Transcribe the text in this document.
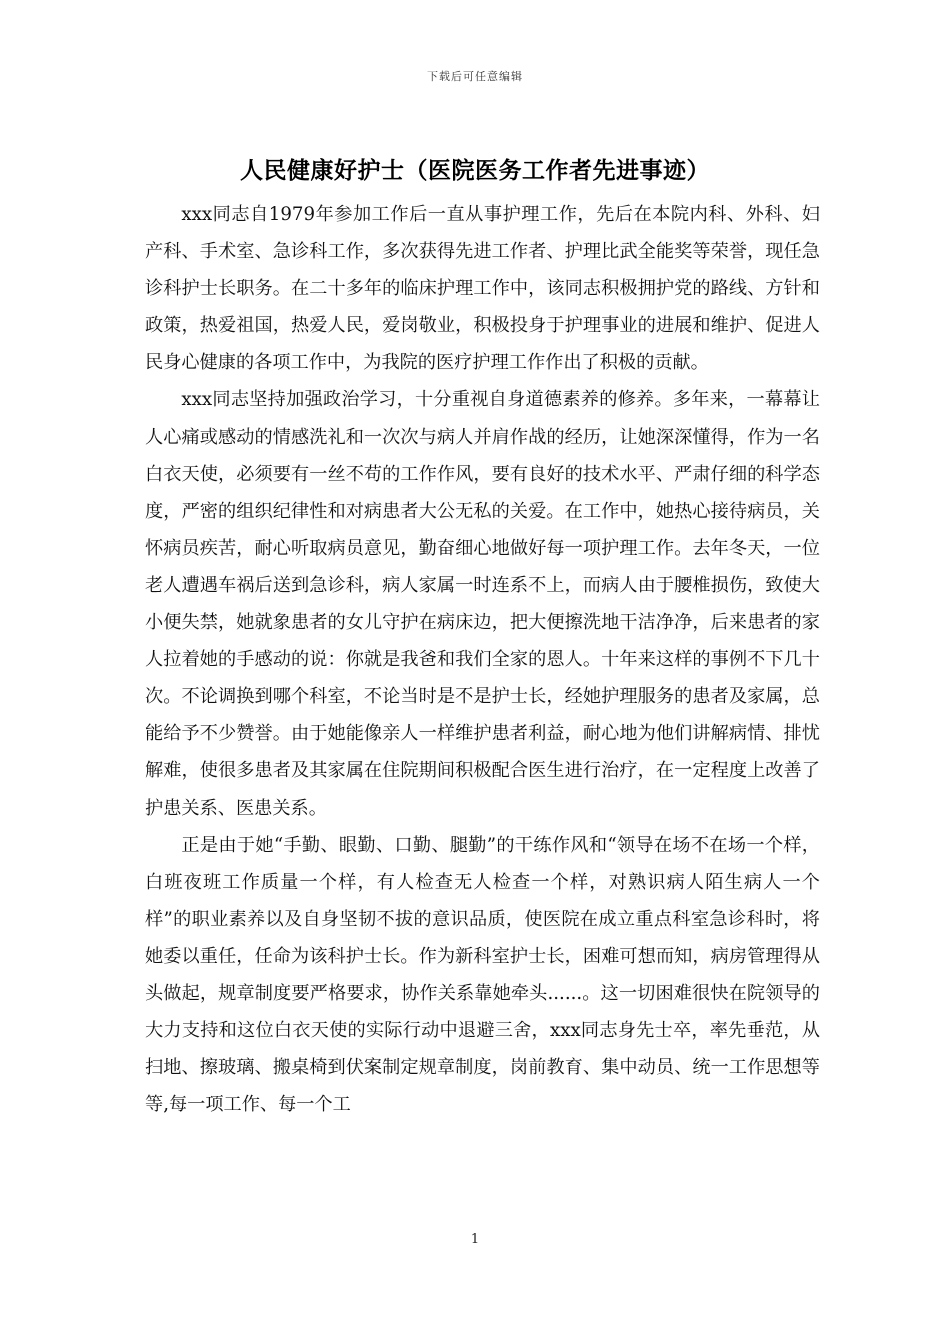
下载后可任意编辑
人民健康好护士（医院医务工作者先进事迹）

xxx同志自1979年参加工作后一直从事护理工作，先后在本院内科、外科、妇产科、手术室、急诊科工作，多次获得先进工作者、护理比武全能奖等荣誉，现任急诊科护士长职务。在二十多年的临床护理工作中，该同志积极拥护党的路线、方针和政策，热爱祖国，热爱人民，爱岗敬业，积极投身于护理事业的进展和维护、促进人民身心健康的各项工作中，为我院的医疗护理工作作出了积极的贡献。

xxx同志坚持加强政治学习，十分重视自身道德素养的修养。多年来，一幕幕让人心痛或感动的情感洗礼和一次次与病人并肩作战的经历，让她深深懂得，作为一名白衣天使，必须要有一丝不苟的工作作风，要有良好的技术水平、严肃仔细的科学态度，严密的组织纪律性和对病患者大公无私的关爱。在工作中，她热心接待病员，关怀病员疾苦，耐心听取病员意见，勤奋细心地做好每一项护理工作。去年冬天，一位老人遭遇车祸后送到急诊科，病人家属一时连系不上，而病人由于腰椎损伤，致使大小便失禁，她就象患者的女儿守护在病床边，把大便擦洗地干洁净净，后来患者的家人拉着她的手感动的说：你就是我爸和我们全家的恩人。十年来这样的事例不下几十次。不论调换到哪个科室，不论当时是不是护士长，经她护理服务的患者及家属，总能给予不少赞誉。由于她能像亲人一样维护患者利益，耐心地为他们讲解病情、排忧解难，使很多患者及其家属在住院期间积极配合医生进行治疗，在一定程度上改善了护患关系、医患关系。

正是由于她“手勤、眼勤、口勤、腿勤”的干练作风和“领导在场不在场一个样，白班夜班工作质量一个样，有人检查无人检查一个样，对熟识病人陌生病人一个样”的职业素养以及自身坚韧不拔的意识品质，使医院在成立重点科室急诊科时，将她委以重任，任命为该科护士长。作为新科室护士长，困难可想而知，病房管理得从头做起，规章制度要严格要求，协作关系靠她牵头......。这一切困难很快在院领导的大力支持和这位白衣天使的实际行动中退避三舍，xxx同志身先士卒，率先垂范，从扫地、擦玻璃、搬桌椅到伏案制定规章制度，岗前教育、集中动员、统一工作思想等等,每一项工作、每一个工

1
